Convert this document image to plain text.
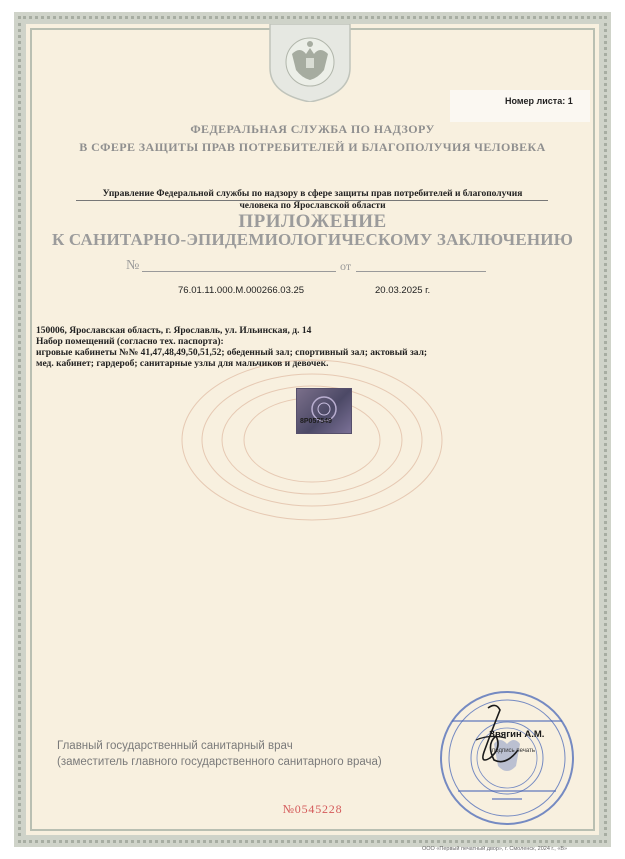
Номер листа: 1
ФЕДЕРАЛЬНАЯ СЛУЖБА ПО НАДЗОРУ
В СФЕРЕ ЗАЩИТЫ ПРАВ ПОТРЕБИТЕЛЕЙ И БЛАГОПОЛУЧИЯ ЧЕЛОВЕКА
Управление Федеральной службы по надзору в сфере защиты прав потребителей и благополучия
человека по Ярославской области
ПРИЛОЖЕНИЕ
К САНИТАРНО-ЭПИДЕМИОЛОГИЧЕСКОМУ ЗАКЛЮЧЕНИЮ
№	от
76.01.11.000.М.000266.03.25	20.03.2025 г.
150006, Ярославская область, г. Ярославль, ул. Ильинская, д. 14
Набор помещений (согласно тех. паспорта):
игровые кабинеты №№ 41,47,48,49,50,51,52; обеденный зал; спортивный зал; актовый зал;
мед. кабинет; гардероб; санитарные узлы для мальчиков и девочек.
8Р057549
Главный государственный санитарный врач
(заместитель главного государственного санитарного врача)
Звягин А.М.
подпись печать
№0545228
ООО «Первый печатный двор», г. Смоленск, 2024 г., «В»
